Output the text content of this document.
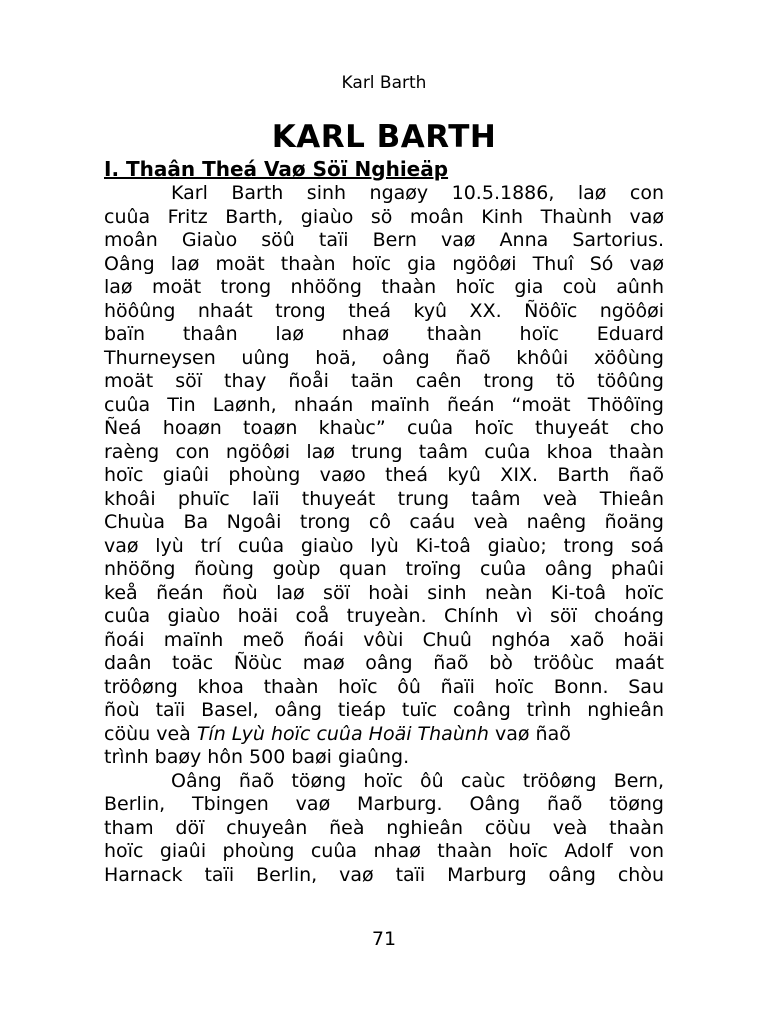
Karl Barth
KARL BARTH
I. Thaân Theá Vaø Söï Nghieäp
Karl Barth sinh ngaøy 10.5.1886, laø con
cuûa Fritz Barth, giaùo sö moân Kinh Thaùnh vaø
moân Giaùo söû taïi Bern vaø Anna Sartorius.
Oâng laø moät thaàn hoïc gia ngöôøi Thuî Só vaø
laø moät trong nhöõng thaàn hoïc gia coù aûnh
höôûng nhaát trong theá kyû XX. Ñöôïc ngöôøi
baïn thaân laø nhaø thaàn hoïc Eduard
Thurneysen uûng hoä, oâng ñaõ khôûi xöôùng
moät söï thay ñoåi taän caên trong tö töôûng
cuûa Tin Laønh, nhaán maïnh ñeán “moät Thöôïng
Ñeá hoaøn toaøn khaùc” cuûa hoïc thuyeát cho
raèng con ngöôøi laø trung taâm cuûa khoa thaàn
hoïc giaûi phoùng vaøo theá kyû XIX. Barth ñaõ
khoâi phuïc laïi thuyeát trung taâm veà Thieân
Chuùa Ba Ngoâi trong cô caáu veà naêng ñoäng
vaø lyù trí cuûa giaùo lyù Ki-toâ giaùo; trong soá
nhöõng ñoùng goùp quan troïng cuûa oâng phaûi
keå ñeán ñoù laø söï hoài sinh neàn Ki-toâ hoïc
cuûa giaùo hoäi coå truyeàn. Chính vì söï choáng
ñoái maïnh meõ ñoái vôùi Chuû nghóa xaõ hoäi
daân toäc Ñöùc maø oâng ñaõ bò tröôùc maát
tröôøng khoa thaàn hoïc ôû ñaïi hoïc Bonn. Sau
ñoù taïi Basel, oâng tieáp tuïc coâng trình nghieân
cöùu veà Tín Lyù hoïc cuûa Hoäi Thaùnh vaø ñaõ
trình baøy hôn 500 baøi giaûng.
Oâng ñaõ töøng hoïc ôû caùc tröôøng Bern,
Berlin, Tbingen vaø Marburg. Oâng ñaõ töøng
tham döï chuyeân ñeà nghieân cöùu veà thaàn
hoïc giaûi phoùng cuûa nhaø thaàn hoïc Adolf von
Harnack taïi Berlin, vaø taïi Marburg oâng chòu
71
